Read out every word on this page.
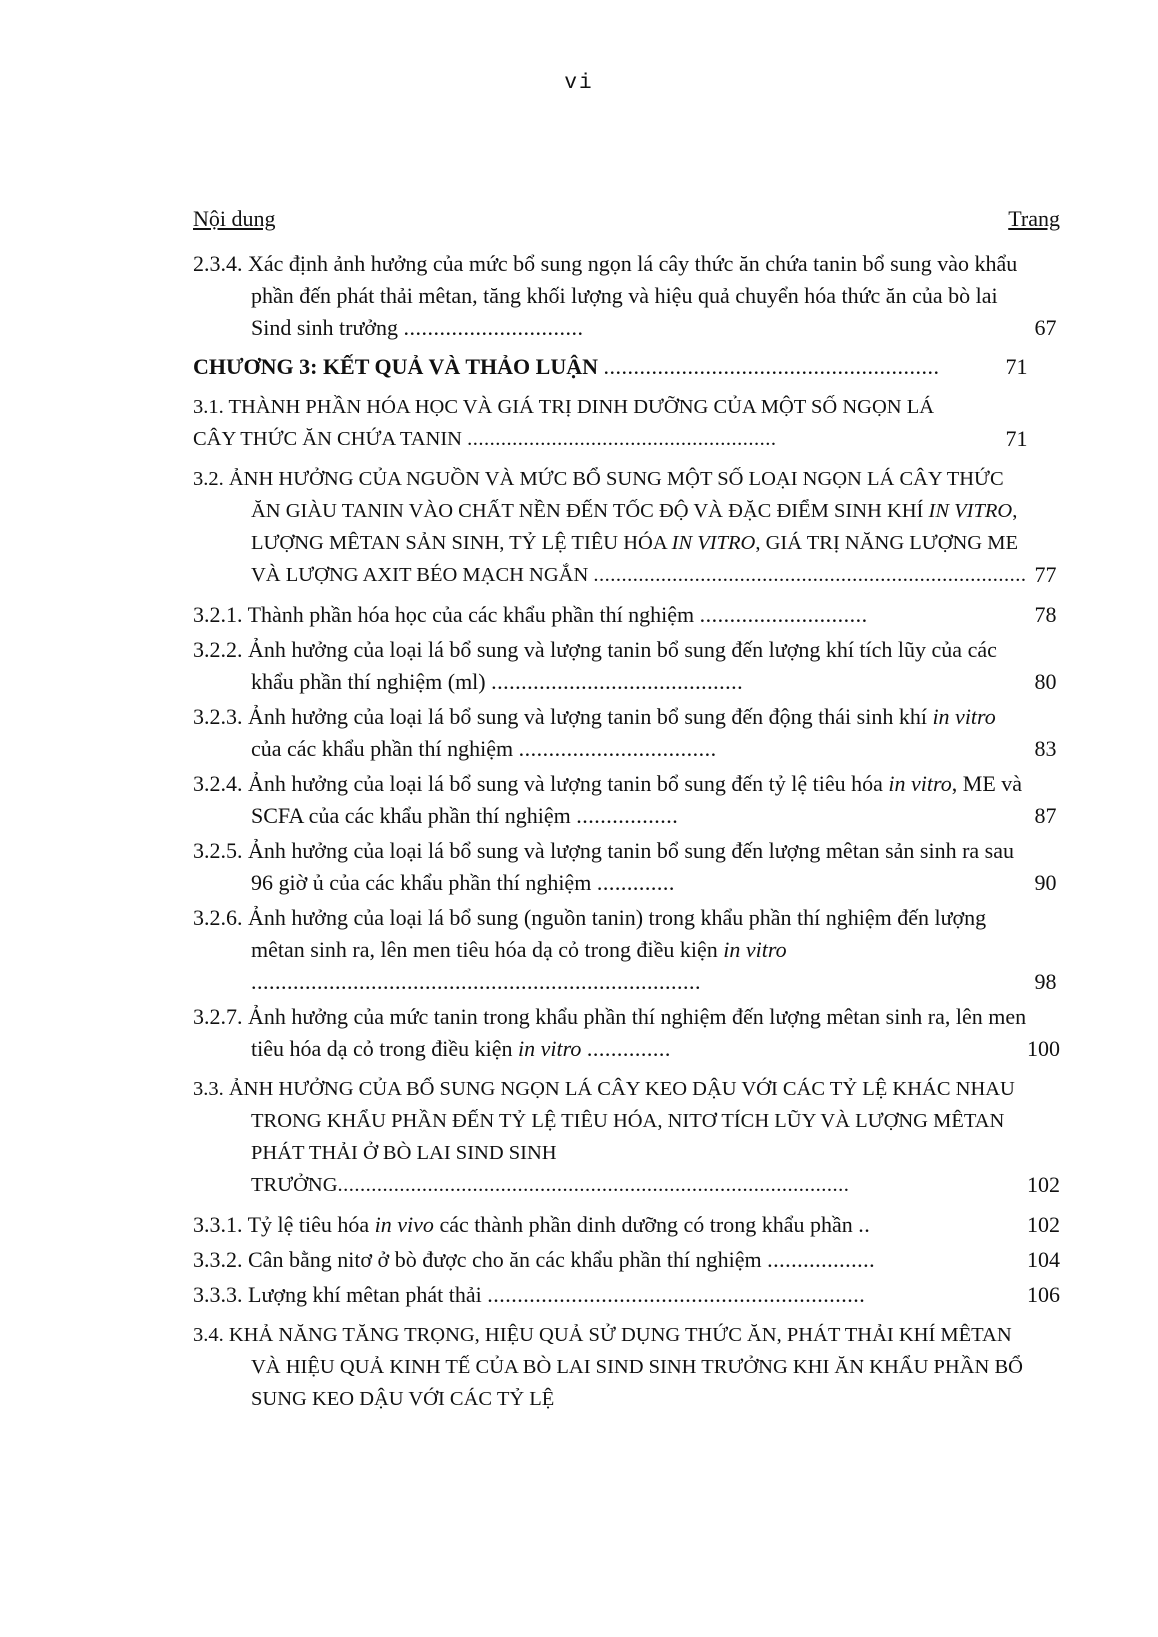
vi
Nội dung	Trang
2.3.4. Xác định ảnh hưởng của mức bổ sung ngọn lá cây thức ăn chứa tanin bổ sung vào khẩu phần đến phát thải mêtan, tăng khối lượng và hiệu quả chuyển hóa thức ăn của bò lai Sind sinh trưởng ..............................	67
CHƯƠNG 3: KẾT QUẢ VÀ THẢO LUẬN ........................................................	71
3.1. THÀNH PHẦN HÓA HỌC VÀ GIÁ TRỊ DINH DƯỠNG CỦA MỘT SỐ NGỌN LÁ CÂY THỨC ĂN CHỨA TANIN .......................................................	71
3.2. ẢNH HƯỞNG CỦA NGUỒN VÀ MỨC BỔ SUNG MỘT SỐ LOẠI NGỌN LÁ CÂY THỨC ĂN GIÀU TANIN VÀO CHẤT NỀN ĐẾN TỐC ĐỘ VÀ ĐẶC ĐIỂM SINH KHÍ IN VITRO, LƯỢNG MÊTAN SẢN SINH, TỶ LỆ TIÊU HÓA IN VITRO, GIÁ TRỊ NĂNG LƯỢNG ME VÀ LƯỢNG AXIT BÉO MẠCH NGẮN ............................................................................. 77
3.2.1. Thành phần hóa học của các khẩu phần thí nghiệm ............................	78
3.2.2. Ảnh hưởng của loại lá bổ sung và lượng tanin bổ sung đến lượng khí tích lũy của các khẩu phần thí nghiệm (ml) ..........................................	80
3.2.3. Ảnh hưởng của loại lá bổ sung và lượng tanin bổ sung đến động thái sinh khí in vitro của các khẩu phần thí nghiệm .................................	83
3.2.4. Ảnh hưởng của loại lá bổ sung và lượng tanin bổ sung đến tỷ lệ tiêu hóa in vitro, ME và SCFA của các khẩu phần thí nghiệm .................	87
3.2.5. Ảnh hưởng của loại lá bổ sung và lượng tanin bổ sung đến lượng mêtan sản sinh ra sau 96 giờ ủ của các khẩu phần thí nghiệm .............	90
3.2.6. Ảnh hưởng của loại lá bổ sung (nguồn tanin) trong khẩu phần thí nghiệm đến lượng mêtan sinh ra, lên men tiêu hóa dạ cỏ trong điều kiện in vitro ...........................................................................	98
3.2.7. Ảnh hưởng của mức tanin trong khẩu phần thí nghiệm đến lượng mêtan sinh ra, lên men tiêu hóa dạ cỏ trong điều kiện in vitro ..............	100
3.3. ẢNH HƯỞNG CỦA BỔ SUNG NGỌN LÁ CÂY KEO DẬU VỚI CÁC TỶ LỆ KHÁC NHAU TRONG KHẨU PHẦN ĐẾN TỶ LỆ TIÊU HÓA, NITƠ TÍCH LŨY VÀ LƯỢNG MÊTAN PHÁT THẢI Ở BÒ LAI SIND SINH TRƯỞNG...........................................................................................	102
3.3.1. Tỷ lệ tiêu hóa in vivo các thành phần dinh dưỡng có trong khẩu phần ..	102
3.3.2. Cân bằng nitơ ở bò được cho ăn các khẩu phần thí nghiệm ..................	104
3.3.3. Lượng khí mêtan phát thải ...............................................................	106
3.4. KHẢ NĂNG TĂNG TRỌNG, HIỆU QUẢ SỬ DỤNG THỨC ĂN, PHÁT THẢI KHÍ MÊTAN VÀ HIỆU QUẢ KINH TẾ CỦA BÒ LAI SIND SINH TRƯỞNG KHI ĂN KHẨU PHẦN BỔ SUNG KEO DẬU VỚI CÁC TỶ LỆ
